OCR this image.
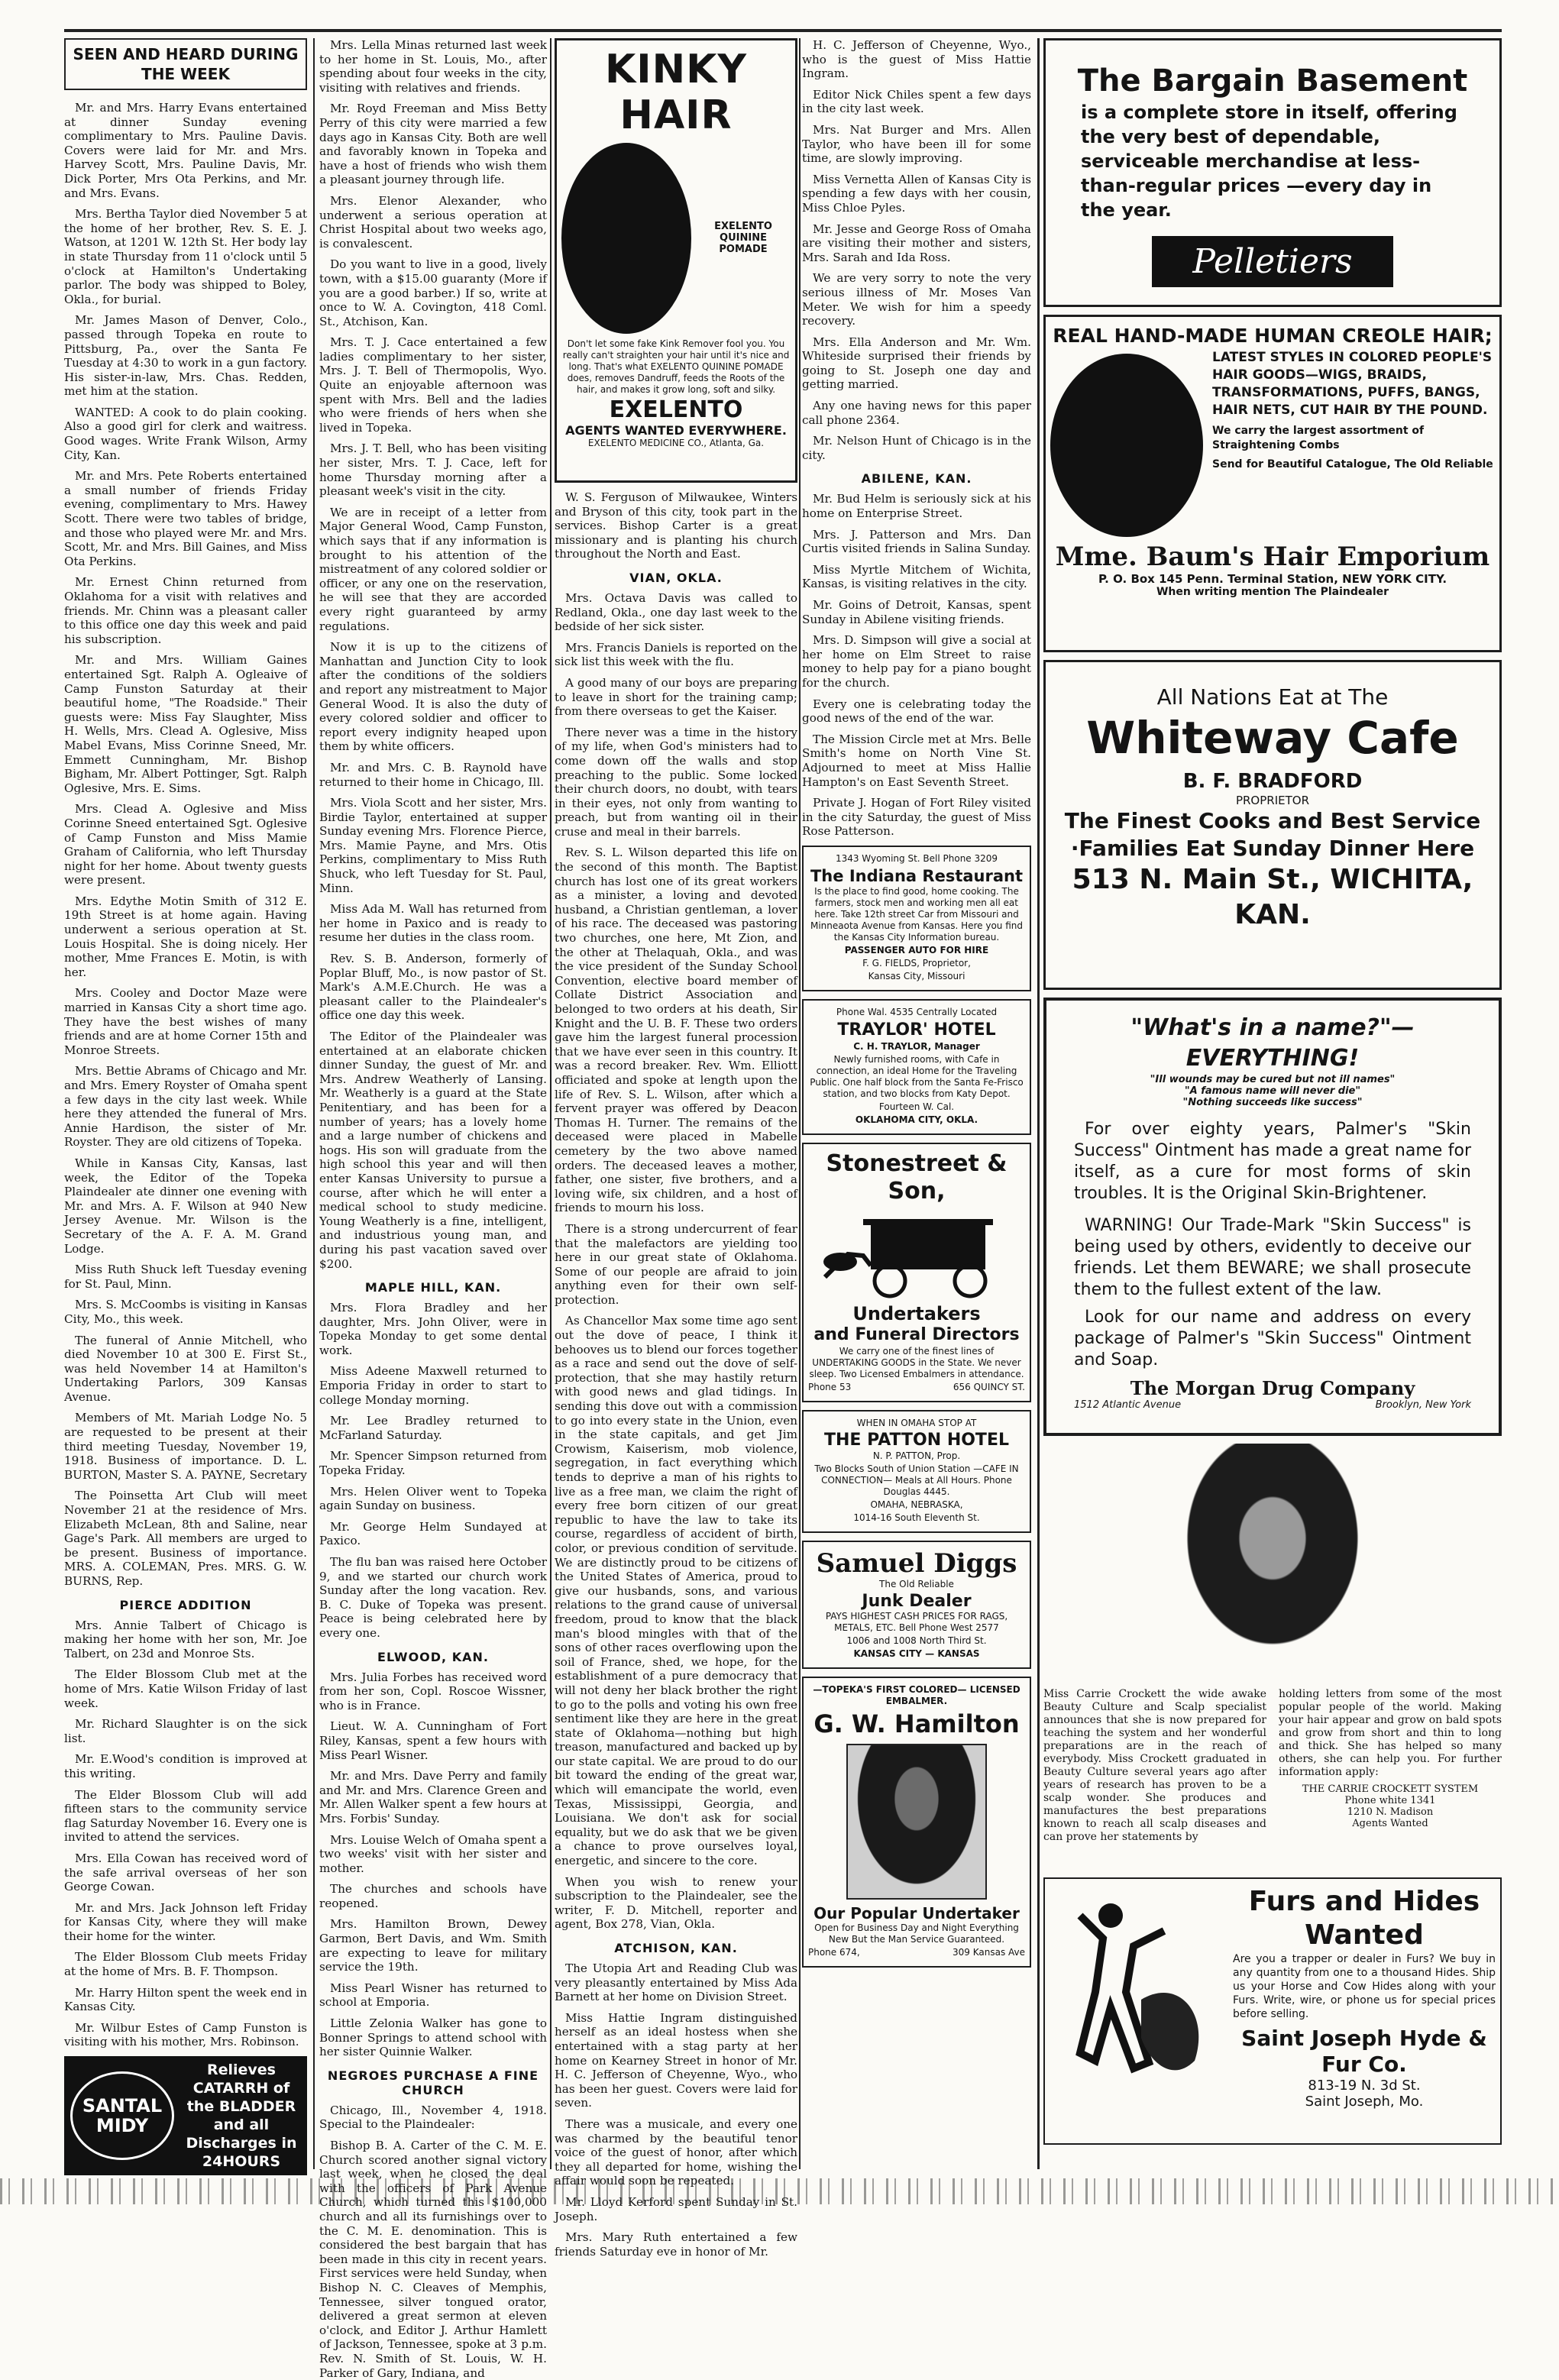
SEEN AND HEARD DURING THE WEEK

Mr. and Mrs. Harry Evans entertained at dinner Sunday evening complimentary to Mrs. Pauline Davis. Covers were laid for Mr. and Mrs. Harvey Scott, Mrs. Pauline Davis, Mr. Dick Porter, Mrs Ota Perkins, and Mr. and Mrs. Evans.

Mrs. Bertha Taylor died November 5 at the home of her brother, Rev. S. E. J. Watson, at 1201 W. 12th St. Her body lay in state Thursday from 11 o'clock until 5 o'clock at Hamilton's Undertaking parlor. The body was shipped to Boley, Okla., for burial.

Mr. James Mason of Denver, Colo., passed through Topeka en route to Pittsburg, Pa., over the Santa Fe Tuesday at 4:30 to work in a gun factory. His sister-in-law, Mrs. Chas. Redden, met him at the station.

WANTED: A cook to do plain cooking. Also a good girl for clerk and waitress. Good wages. Write Frank Wilson, Army City, Kan.

Mr. and Mrs. Pete Roberts entertained a small number of friends Friday evening, complimentary to Mrs. Hawey Scott. There were two tables of bridge, and those who played were Mr. and Mrs. Scott, Mr. and Mrs. Bill Gaines, and Miss Ota Perkins.

Mr. Ernest Chinn returned from Oklahoma for a visit with relatives and friends. Mr. Chinn was a pleasant caller to this office one day this week and paid his subscription.

Mr. and Mrs. William Gaines entertained Sgt. Ralph A. Ogleaive of Camp Funston Saturday at their beautiful home, "The Roadside." Their guests were: Miss Fay Slaughter, Miss H. Wells, Mrs. Clead A. Oglesive, Miss Mabel Evans, Miss Corinne Sneed, Mr. Emmett Cunningham, Mr. Bishop Bigham, Mr. Albert Pottinger, Sgt. Ralph Oglesive, Mrs. E. Sims.

Mrs. Clead A. Oglesive and Miss Corinne Sneed entertained Sgt. Oglesive of Camp Funston and Miss Mamie Graham of California, who left Thursday night for her home. About twenty guests were present.

Mrs. Edythe Motin Smith of 312 E. 19th Street is at home again. Having underwent a serious operation at St. Louis Hospital. She is doing nicely. Her mother, Mme Frances E. Motin, is with her.

Mrs. Cooley and Doctor Maze were married in Kansas City a short time ago. They have the best wishes of many friends and are at home Corner 15th and Monroe Streets.

Mrs. Bettie Abrams of Chicago and Mr. and Mrs. Emery Royster of Omaha spent a few days in the city last week. While here they attended the funeral of Mrs. Annie Hardison, the sister of Mr. Royster. They are old citizens of Topeka.

While in Kansas City, Kansas, last week, the Editor of the Topeka Plaindealer ate dinner one evening with Mr. and Mrs. A. F. Wilson at 940 New Jersey Avenue. Mr. Wilson is the Secretary of the A. F. A. M. Grand Lodge.

Miss Ruth Shuck left Tuesday evening for St. Paul, Minn.

Mrs. S. McCoombs is visiting in Kansas City, Mo., this week.

The funeral of Annie Mitchell, who died November 10 at 300 E. First St., was held November 14 at Hamilton's Undertaking Parlors, 309 Kansas Avenue.

Members of Mt. Mariah Lodge No. 5 are requested to be present at their third meeting Tuesday, November 19, 1918. Business of importance. D. L. BURTON, Master S. A. PAYNE, Secretary

The Poinsetta Art Club will meet November 21 at the residence of Mrs. Elizabeth McLean, 8th and Saline, near Gage's Park. All members are urged to be present. Business of importance. MRS. A. COLEMAN, Pres. MRS. G. W. BURNS, Rep.

PIERCE ADDITION

Mrs. Annie Talbert of Chicago is making her home with her son, Mr. Joe Talbert, on 23d and Monroe Sts.

The Elder Blossom Club met at the home of Mrs. Katie Wilson Friday of last week.

Mr. Richard Slaughter is on the sick list.

Mr. E.Wood's condition is improved at this writing.

The Elder Blossom Club will add fifteen stars to the community service flag Saturday November 16. Every one is invited to attend the services.

Mrs. Ella Cowan has received word of the safe arrival overseas of her son George Cowan.

Mr. and Mrs. Jack Johnson left Friday for Kansas City, where they will make their home for the winter.

The Elder Blossom Club meets Friday at the home of Mrs. B. F. Thompson.

Mr. Harry Hilton spent the week end in Kansas City.

Mr. Wilbur Estes of Camp Funston is visiting with his mother, Mrs. Robinson.

SANTAL MIDY
Relieves CATARRH of the BLADDER and all Discharges in 24HOURS

Mrs. Lella Minas returned last week to her home in St. Louis, Mo., after spending about four weeks in the city, visiting with relatives and friends.

Mr. Royd Freeman and Miss Betty Perry of this city were married a few days ago in Kansas City. Both are well and favorably known in Topeka and have a host of friends who wish them a pleasant journey through life.

Mrs. Elenor Alexander, who underwent a serious operation at Christ Hospital about two weeks ago, is convalescent.

Do you want to live in a good, lively town, with a $15.00 guaranty (More if you are a good barber.) If so, write at once to W. A. Covington, 418 Coml. St., Atchison, Kan.

Mrs. T. J. Cace entertained a few ladies complimentary to her sister, Mrs. J. T. Bell of Thermopolis, Wyo. Quite an enjoyable afternoon was spent with Mrs. Bell and the ladies who were friends of hers when she lived in Topeka.

Mrs. J. T. Bell, who has been visiting her sister, Mrs. T. J. Cace, left for home Thursday morning after a pleasant week's visit in the city.

We are in receipt of a letter from Major General Wood, Camp Funston, which says that if any information is brought to his attention of the mistreatment of any colored soldier or officer, or any one on the reservation, he will see that they are accorded every right guaranteed by army regulations.

Now it is up to the citizens of Manhattan and Junction City to look after the conditions of the soldiers and report any mistreatment to Major General Wood. It is also the duty of every colored soldier and officer to report every indignity heaped upon them by white officers.

Mr. and Mrs. C. B. Raynold have returned to their home in Chicago, Ill.

Mrs. Viola Scott and her sister, Mrs. Birdie Taylor, entertained at supper Sunday evening Mrs. Florence Pierce, Mrs. Mamie Payne, and Mrs. Otis Perkins, complimentary to Miss Ruth Shuck, who left Tuesday for St. Paul, Minn.

Miss Ada M. Wall has returned from her home in Paxico and is ready to resume her duties in the class room.

Rev. S. B. Anderson, formerly of Poplar Bluff, Mo., is now pastor of St. Mark's A.M.E.Church. He was a pleasant caller to the Plaindealer's office one day this week.

The Editor of the Plaindealer was entertained at an elaborate chicken dinner Sunday, the guest of Mr. and Mrs. Andrew Weatherly of Lansing. Mr. Weatherly is a guard at the State Penitentiary, and has been for a number of years; has a lovely home and a large number of chickens and hogs. His son will graduate from the high school this year and will then enter Kansas University to pursue a course, after which he will enter a medical school to study medicine. Young Weatherly is a fine, intelligent, and industrious young man, and during his past vacation saved over $200.

MAPLE HILL, KAN.

Mrs. Flora Bradley and her daughter, Mrs. John Oliver, were in Topeka Monday to get some dental work.

Miss Adeene Maxwell returned to Emporia Friday in order to start to college Monday morning.

Mr. Lee Bradley returned to McFarland Saturday.

Mr. Spencer Simpson returned from Topeka Friday.

Mrs. Helen Oliver went to Topeka again Sunday on business.

Mr. George Helm Sundayed at Paxico.

The flu ban was raised here October 9, and we started our church work Sunday after the long vacation. Rev. B. C. Duke of Topeka was present. Peace is being celebrated here by every one.

ELWOOD, KAN.

Mrs. Julia Forbes has received word from her son, Copl. Roscoe Wissner, who is in France.

Lieut. W. A. Cunningham of Fort Riley, Kansas, spent a few hours with Miss Pearl Wisner.

Mr. and Mrs. Dave Perry and family and Mr. and Mrs. Clarence Green and Mr. Allen Walker spent a few hours at Mrs. Forbis' Sunday.

Mrs. Louise Welch of Omaha spent a two weeks' visit with her sister and mother.

The churches and schools have reopened.

Mrs. Hamilton Brown, Dewey Garmon, Bert Davis, and Wm. Smith are expecting to leave for military service the 19th.

Miss Pearl Wisner has returned to school at Emporia.

Little Zelonia Walker has gone to Bonner Springs to attend school with her sister Quinnie Walker.

NEGROES PURCHASE A FINE CHURCH

Chicago, Ill., November 4, 1918. Special to the Plaindealer:

Bishop B. A. Carter of the C. M. E. Church scored another signal victory last week, when he closed the deal with the officers of Park Avenue Church, which turned this $100,000 church and all its furnishings over to the C. M. E. denomination. This is considered the best bargain that has been made in this city in recent years. First services were held Sunday, when Bishop N. C. Cleaves of Memphis, Tennessee, silver tongued orator, delivered a great sermon at eleven o'clock, and Editor J. Arthur Hamlett of Jackson, Tennessee, spoke at 3 p.m. Rev. N. Smith of St. Louis, W. H. Parker of Gary, Indiana, and

KINKY HAIR
EXELENTO QUININE POMADE

Don't let some fake Kink Remover fool you. You really can't straighten your hair until it's nice and long. That's what EXELENTO QUININE POMADE does, removes Dandruff, feeds the Roots of the hair, and makes it grow long, soft and silky.

EXELENTO
AGENTS WANTED EVERYWHERE.
EXELENTO MEDICINE CO., Atlanta, Ga.

W. S. Ferguson of Milwaukee, Winters and Bryson of this city, took part in the services. Bishop Carter is a great missionary and is planting his church throughout the North and East.

VIAN, OKLA.

Mrs. Octava Davis was called to Redland, Okla., one day last week to the bedside of her sick sister.

Mrs. Francis Daniels is reported on the sick list this week with the flu.

A good many of our boys are preparing to leave in short for the training camp; from there overseas to get the Kaiser.

There never was a time in the history of my life, when God's ministers had to come down off the walls and stop preaching to the public. Some locked their church doors, no doubt, with tears in their eyes, not only from wanting to preach, but from wanting oil in their cruse and meal in their barrels.

Rev. S. L. Wilson departed this life on the second of this month. The Baptist church has lost one of its great workers as a minister, a loving and devoted husband, a Christian gentleman, a lover of his race. The deceased was pastoring two churches, one here, Mt Zion, and the other at Thelaquah, Okla., and was the vice president of the Sunday School Convention, elective board member of Collate District Association and belonged to two orders at his death, Sir Knight and the U. B. F. These two orders gave him the largest funeral procession that we have ever seen in this country. It was a record breaker. Rev. Wm. Elliott officiated and spoke at length upon the life of Rev. S. L. Wilson, after which a fervent prayer was offered by Deacon Thomas H. Turner. The remains of the deceased were placed in Mabelle cemetery by the two above named orders. The deceased leaves a mother, father, one sister, five brothers, and a loving wife, six children, and a host of friends to mourn his loss.

There is a strong undercurrent of fear that the malefactors are yielding too here in our great state of Oklahoma. Some of our people are afraid to join anything even for their own self-protection.

As Chancellor Max some time ago sent out the dove of peace, I think it behooves us to blend our forces together as a race and send out the dove of self-protection, that she may hastily return with good news and glad tidings. In sending this dove out with a commission to go into every state in the Union, even in the state capitals, and get Jim Crowism, Kaiserism, mob violence, segregation, in fact everything which tends to deprive a man of his rights to live as a free man, we claim the right of every free born citizen of our great republic to have the law to take its course, regardless of accident of birth, color, or previous condition of servitude. We are distinctly proud to be citizens of the United States of America, proud to give our husbands, sons, and various relations to the grand cause of universal freedom, proud to know that the black man's blood mingles with that of the sons of other races overflowing upon the soil of France, shed, we hope, for the establishment of a pure democracy that will not deny her black brother the right to go to the polls and voting his own free sentiment like they are here in the great state of Oklahoma—nothing but high treason, manufactured and backed up by our state capital. We are proud to do our bit toward the ending of the great war, which will emancipate the world, even Texas, Mississippi, Georgia, and Louisiana. We don't ask for social equality, but we do ask that we be given a chance to prove ourselves loyal, energetic, and sincere to the core.

When you wish to renew your subscription to the Plaindealer, see the writer, F. D. Mitchell, reporter and agent, Box 278, Vian, Okla.

ATCHISON, KAN.

The Utopia Art and Reading Club was very pleasantly entertained by Miss Ada Barnett at her home on Division Street.

Miss Hattie Ingram distinguished herself as an ideal hostess when she entertained with a stag party at her home on Kearney Street in honor of Mr. H. C. Jefferson of Cheyenne, Wyo., who has been her guest. Covers were laid for seven.

There was a musicale, and every one was charmed by the beautiful tenor voice of the guest of honor, after which they all departed for home, wishing the affair would soon be repeated.

Mr. Lloyd Kerford spent Sunday in St. Joseph.

Mrs. Mary Ruth entertained a few friends Saturday eve in honor of Mr.

H. C. Jefferson of Cheyenne, Wyo., who is the guest of Miss Hattie Ingram.

Editor Nick Chiles spent a few days in the city last week.

Mrs. Nat Burger and Mrs. Allen Taylor, who have been ill for some time, are slowly improving.

Miss Vernetta Allen of Kansas City is spending a few days with her cousin, Miss Chloe Pyles.

Mr. Jesse and George Ross of Omaha are visiting their mother and sisters, Mrs. Sarah and Ida Ross.

We are very sorry to note the very serious illness of Mr. Moses Van Meter. We wish for him a speedy recovery.

Mrs. Ella Anderson and Mr. Wm. Whiteside surprised their friends by going to St. Joseph one day and getting married.

Any one having news for this paper call phone 2364.

Mr. Nelson Hunt of Chicago is in the city.

ABILENE, KAN.

Mr. Bud Helm is seriously sick at his home on Enterprise Street.

Mrs. J. Patterson and Mrs. Dan Curtis visited friends in Salina Sunday.

Miss Myrtle Mitchem of Wichita, Kansas, is visiting relatives in the city.

Mr. Goins of Detroit, Kansas, spent Sunday in Abilene visiting friends.

Mrs. D. Simpson will give a social at her home on Elm Street to raise money to help pay for a piano bought for the church.

Every one is celebrating today the good news of the end of the war.

The Mission Circle met at Mrs. Belle Smith's home on North Vine St. Adjourned to meet at Miss Hallie Hampton's on East Seventh Street.

Private J. Hogan of Fort Riley visited in the city Saturday, the guest of Miss Rose Patterson.

1343 Wyoming St. Bell Phone 3209
The Indiana Restaurant
Is the place to find good, home cooking. The farmers, stock men and working men all eat here. Take 12th street Car from Missouri and Minneaota Avenue from Kansas. Here you find the Kansas City Information bureau.
PASSENGER AUTO FOR HIRE
F. G. FIELDS, Proprietor,
Kansas City, Missouri
Phone Wal. 4535 Centrally Located
TRAYLOR' HOTEL
C. H. TRAYLOR, Manager
Newly furnished rooms, with Cafe in connection, an ideal Home for the Traveling Public. One half block from the Santa Fe-Frisco station, and two blocks from Katy Depot.
Fourteen W. Cal.
OKLAHOMA CITY, OKLA.
Stonestreet & Son,
Undertakers
and Funeral Directors
We carry one of the finest lines of UNDERTAKING GOODS in the State. We never sleep. Two Licensed Embalmers in attendance.
Phone 53	656 QUINCY ST.
WHEN IN OMAHA STOP AT
THE PATTON HOTEL
N. P. PATTON, Prop.
Two Blocks South of Union Station —CAFE IN CONNECTION— Meals at All Hours. Phone Douglas 4445.
OMAHA, NEBRASKA,
1014-16 South Eleventh St.
Samuel Diggs
The Old Reliable
Junk Dealer
PAYS HIGHEST CASH PRICES FOR RAGS, METALS, ETC. Bell Phone West 2577
1006 and 1008 North Third St.
KANSAS CITY — KANSAS
—TOPEKA'S FIRST COLORED— LICENSED EMBALMER.
G. W. Hamilton
Our Popular Undertaker
Open for Business Day and Night Everything New But the Man Service Guaranteed.
Phone 674,	309 Kansas Ave
The Bargain Basement
is a complete store in itself, offering the very best of dependable, serviceable merchandise at less-than-regular prices —every day in the year.
Pelletiers
REAL HAND-MADE HUMAN CREOLE HAIR;
LATEST STYLES IN COLORED PEOPLE'S HAIR GOODS—WIGS, BRAIDS, TRANSFORMATIONS, PUFFS, BANGS, HAIR NETS, CUT HAIR BY THE POUND.
We carry the largest assortment of Straightening Combs
Send for Beautiful Catalogue, The Old Reliable
Mme. Baum's Hair Emporium
P. O. Box 145 Penn. Terminal Station, NEW YORK CITY.
When writing mention The Plaindealer
All Nations Eat at The
Whiteway Cafe
B. F. BRADFORD
PROPRIETOR
The Finest Cooks and Best Service
·Families Eat Sunday Dinner Here
513 N. Main St., WICHITA, KAN.
"What's in a name?"—EVERYTHING!
"Ill wounds may be cured but not ill names"
"A famous name will never die"
"Nothing succeeds like success"

For over eighty years, Palmer's "Skin Success" Ointment has made a great name for itself, as a cure for most forms of skin troubles. It is the Original Skin-Brightener.

WARNING! Our Trade-Mark "Skin Success" is being used by others, evidently to deceive our friends. Let them BEWARE; we shall prosecute them to the fullest extent of the law.

Look for our name and address on every package of Palmer's "Skin Success" Ointment and Soap.

The Morgan Drug Company
1512 Atlantic Avenue	Brooklyn, New York
Miss Carrie Crockett the wide awake Beauty Culture and Scalp specialist announces that she is now prepared for teaching the system and her wonderful preparations are in the reach of everybody. Miss Crockett graduated in Beauty Culture several years ago after years of research has proven to be a scalp wonder. She produces and manufactures the best preparations known to reach all scalp diseases and can prove her statements by
holding letters from some of the most popular people of the world. Making your hair appear and grow on bald spots and grow from short and thin to long and thick. She has helped so many others, she can help you. For further information apply:
THE CARRIE CROCKETT SYSTEM
Phone white 1341
1210 N. Madison
Agents Wanted
Furs and Hides Wanted
Are you a trapper or dealer in Furs? We buy in any quantity from one to a thousand Hides. Ship us your Horse and Cow Hides along with your Furs. Write, wire, or phone us for special prices before selling.
Saint Joseph Hyde & Fur Co.
813-19 N. 3d St.
Saint Joseph, Mo.
